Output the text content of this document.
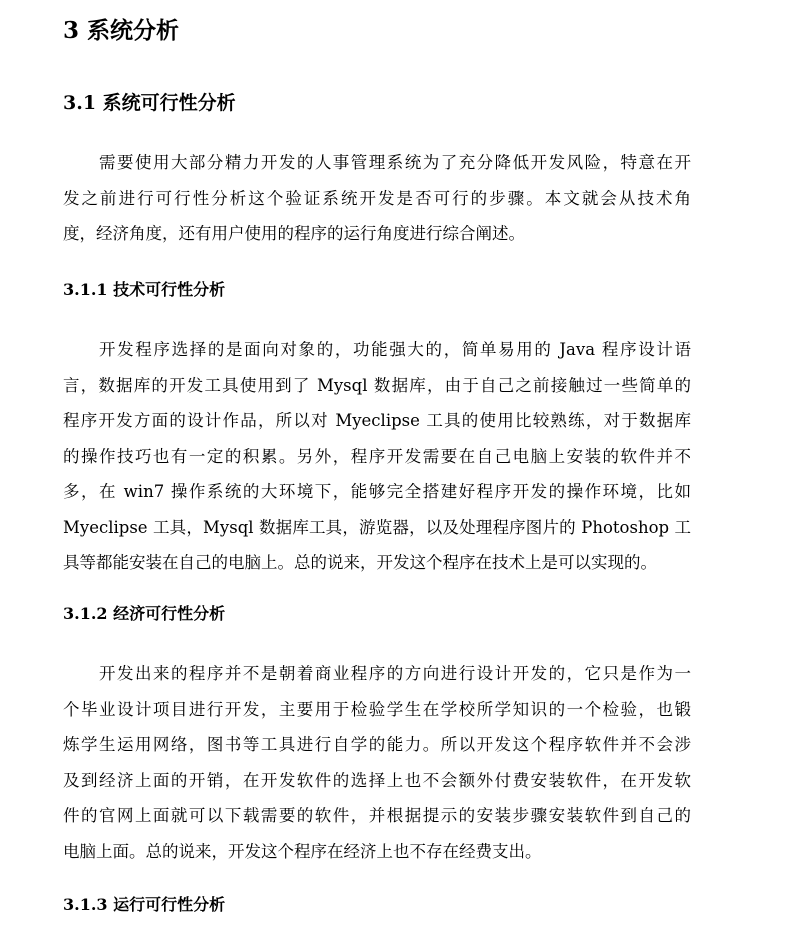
3 系统分析
3.1 系统可行性分析
需要使用大部分精力开发的人事管理系统为了充分降低开发风险，特意在开
发之前进行可行性分析这个验证系统开发是否可行的步骤。本文就会从技术角
度，经济角度，还有用户使用的程序的运行角度进行综合阐述。
3.1.1 技术可行性分析
开发程序选择的是面向对象的，功能强大的，简单易用的 Java 程序设计语
言，数据库的开发工具使用到了 Mysql 数据库，由于自己之前接触过一些简单的
程序开发方面的设计作品，所以对 Myeclipse 工具的使用比较熟练，对于数据库
的操作技巧也有一定的积累。另外，程序开发需要在自己电脑上安装的软件并不
多，在 win7 操作系统的大环境下，能够完全搭建好程序开发的操作环境，比如
Myeclipse 工具，Mysql 数据库工具，游览器，以及处理程序图片的 Photoshop 工
具等都能安装在自己的电脑上。总的说来，开发这个程序在技术上是可以实现的。
3.1.2 经济可行性分析
开发出来的程序并不是朝着商业程序的方向进行设计开发的，它只是作为一
个毕业设计项目进行开发，主要用于检验学生在学校所学知识的一个检验，也锻
炼学生运用网络，图书等工具进行自学的能力。所以开发这个程序软件并不会涉
及到经济上面的开销，在开发软件的选择上也不会额外付费安装软件，在开发软
件的官网上面就可以下载需要的软件，并根据提示的安装步骤安装软件到自己的
电脑上面。总的说来，开发这个程序在经济上也不存在经费支出。
3.1.3 运行可行性分析
